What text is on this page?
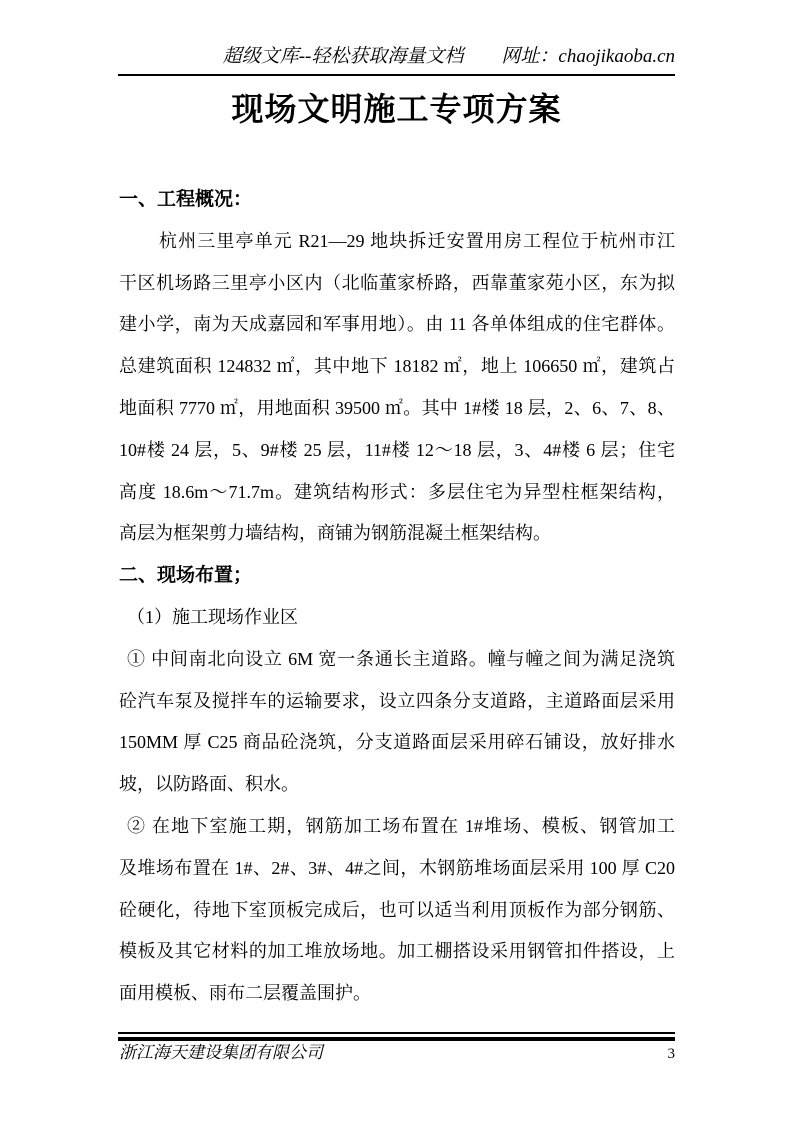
超级文库--轻松获取海量文档　　网址：chaojikaoba.cn
现场文明施工专项方案
一、工程概况：
杭州三里亭单元 R21—29 地块拆迁安置用房工程位于杭州市江
干区机场路三里亭小区内（北临董家桥路，西靠董家苑小区，东为拟
建小学，南为天成嘉园和军事用地）。由 11 各单体组成的住宅群体。
总建筑面积 124832 ㎡，其中地下 18182 ㎡，地上 106650 ㎡，建筑占
地面积 7770 ㎡，用地面积 39500 ㎡。其中 1#楼 18 层，2、6、7、8、
10#楼 24 层，5、9#楼 25 层，11#楼 12～18 层，3、4#楼 6 层；住宅
高度 18.6m～71.7m。建筑结构形式：多层住宅为异型柱框架结构，
高层为框架剪力墙结构，商铺为钢筋混凝土框架结构。
二、现场布置；
（1）施工现场作业区
① 中间南北向设立 6M 宽一条通长主道路。幢与幢之间为满足浇筑
砼汽车泵及搅拌车的运输要求，设立四条分支道路，主道路面层采用
150MM 厚 C25 商品砼浇筑，分支道路面层采用碎石铺设，放好排水
坡，以防路面、积水。
② 在地下室施工期，钢筋加工场布置在 1#堆场、模板、钢管加工
及堆场布置在 1#、2#、3#、4#之间，木钢筋堆场面层采用 100 厚 C20
砼硬化，待地下室顶板完成后，也可以适当利用顶板作为部分钢筋、
模板及其它材料的加工堆放场地。加工棚搭设采用钢管扣件搭设，上
面用模板、雨布二层覆盖围护。
浙江海天建设集团有限公司	3
